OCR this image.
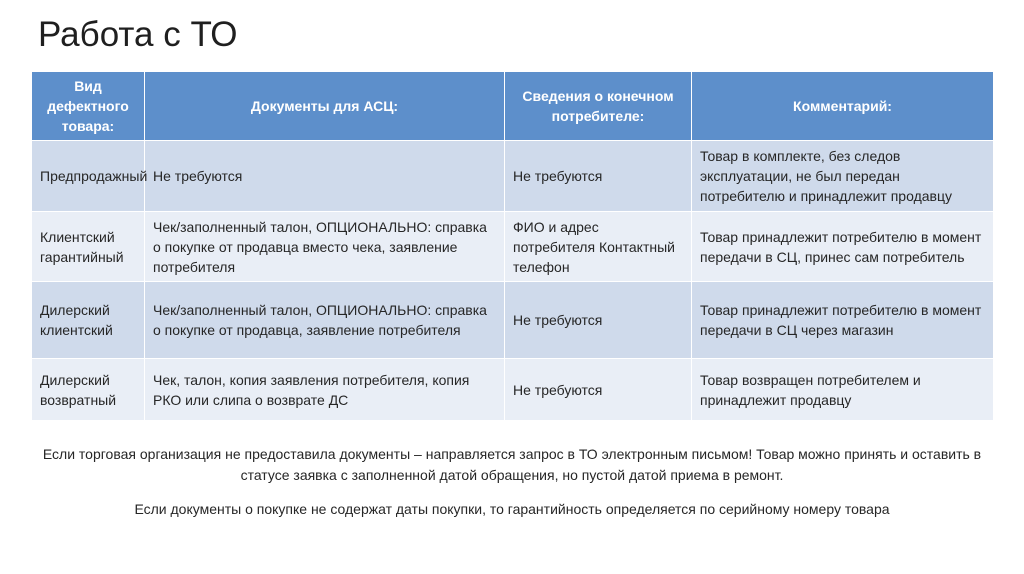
Работа с ТО
Вид дефектного товара:	Документы для АСЦ:	Сведения о конечном потребителе:	Комментарий:
Предпродажный	Не требуются	Не требуются	Товар в комплекте, без следов эксплуатации, не был передан потребителю и принадлежит продавцу
Клиентский гарантийный	Чек/заполненный талон, ОПЦИОНАЛЬНО: справка о покупке от продавца вместо чека, заявление потребителя	ФИО и адрес потребителя Контактный телефон	Товар принадлежит потребителю в момент передачи в СЦ, принес сам потребитель
Дилерский клиентский	Чек/заполненный талон, ОПЦИОНАЛЬНО: справка о покупке от продавца, заявление потребителя	Не требуются	Товар принадлежит потребителю в момент передачи в СЦ через магазин
Дилерский возвратный	Чек, талон, копия заявления потребителя, копия РКО или слипа о возврате ДС	Не требуются	Товар возвращен потребителем и принадлежит продавцу
Если торговая организация не предоставила документы – направляется запрос в ТО электронным письмом! Товар можно принять и оставить в статусе заявка с заполненной датой обращения, но пустой датой приема в ремонт.
Если документы о покупке не содержат даты покупки, то гарантийность определяется по серийному номеру товара
